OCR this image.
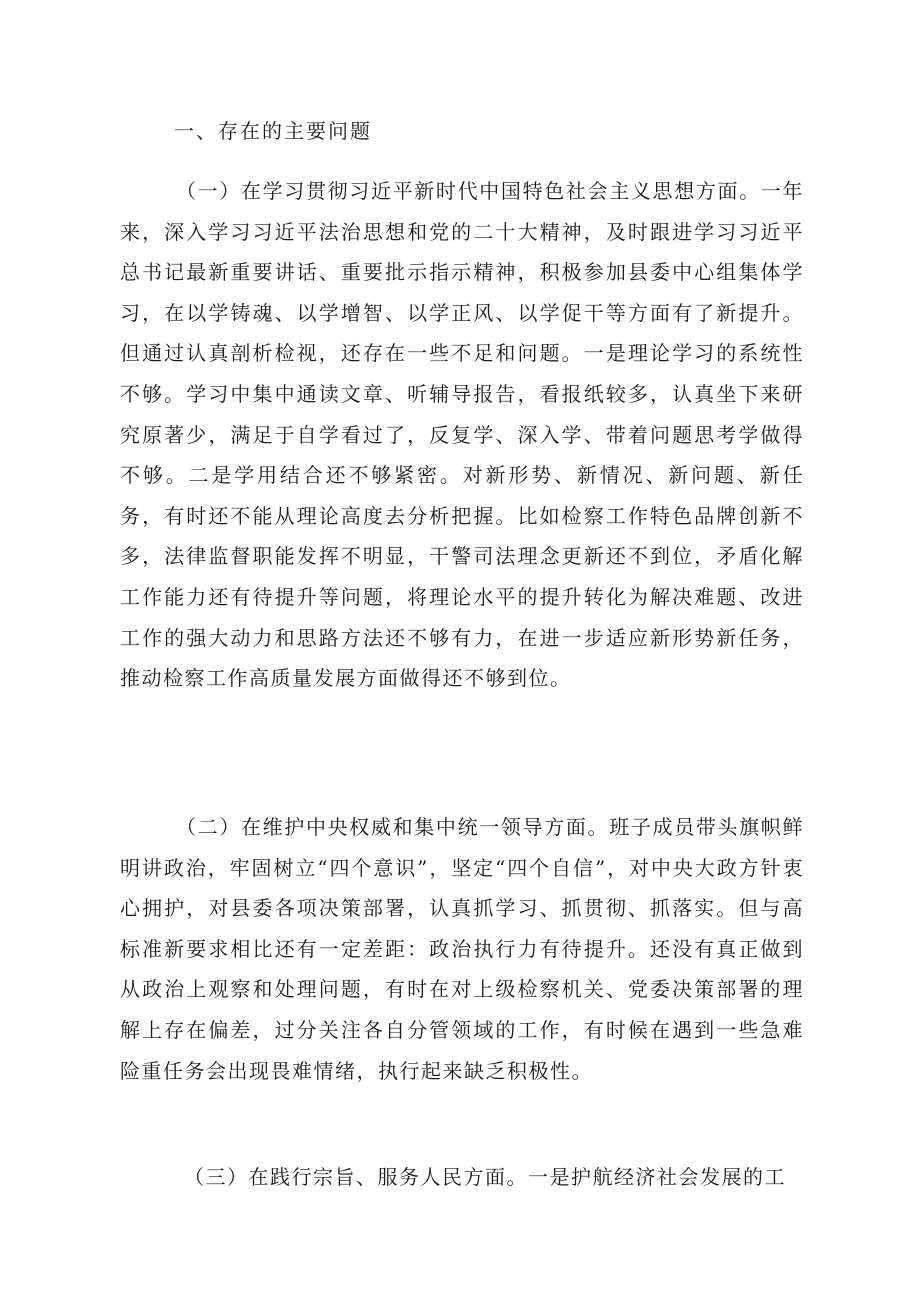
一、存在的主要问题

（一）在学习贯彻习近平新时代中国特色社会主义思想方面。一年来，深入学习习近平法治思想和党的二十大精神，及时跟进学习习近平总书记最新重要讲话、重要批示指示精神，积极参加县委中心组集体学习，在以学铸魂、以学增智、以学正风、以学促干等方面有了新提升。但通过认真剖析检视，还存在一些不足和问题。一是理论学习的系统性不够。学习中集中通读文章、听辅导报告，看报纸较多，认真坐下来研究原著少，满足于自学看过了，反复学、深入学、带着问题思考学做得不够。二是学用结合还不够紧密。对新形势、新情况、新问题、新任务，有时还不能从理论高度去分析把握。比如检察工作特色品牌创新不多，法律监督职能发挥不明显，干警司法理念更新还不到位，矛盾化解工作能力还有待提升等问题，将理论水平的提升转化为解决难题、改进工作的强大动力和思路方法还不够有力，在进一步适应新形势新任务，推动检察工作高质量发展方面做得还不够到位。

（二）在维护中央权威和集中统一领导方面。班子成员带头旗帜鲜明讲政治，牢固树立“四个意识”，坚定“四个自信”，对中央大政方针衷心拥护，对县委各项决策部署，认真抓学习、抓贯彻、抓落实。但与高标准新要求相比还有一定差距：政治执行力有待提升。还没有真正做到从政治上观察和处理问题，有时在对上级检察机关、党委决策部署的理解上存在偏差，过分关注各自分管领域的工作，有时候在遇到一些急难险重任务会出现畏难情绪，执行起来缺乏积极性。

（三）在践行宗旨、服务人民方面。一是护航经济社会发展的工
